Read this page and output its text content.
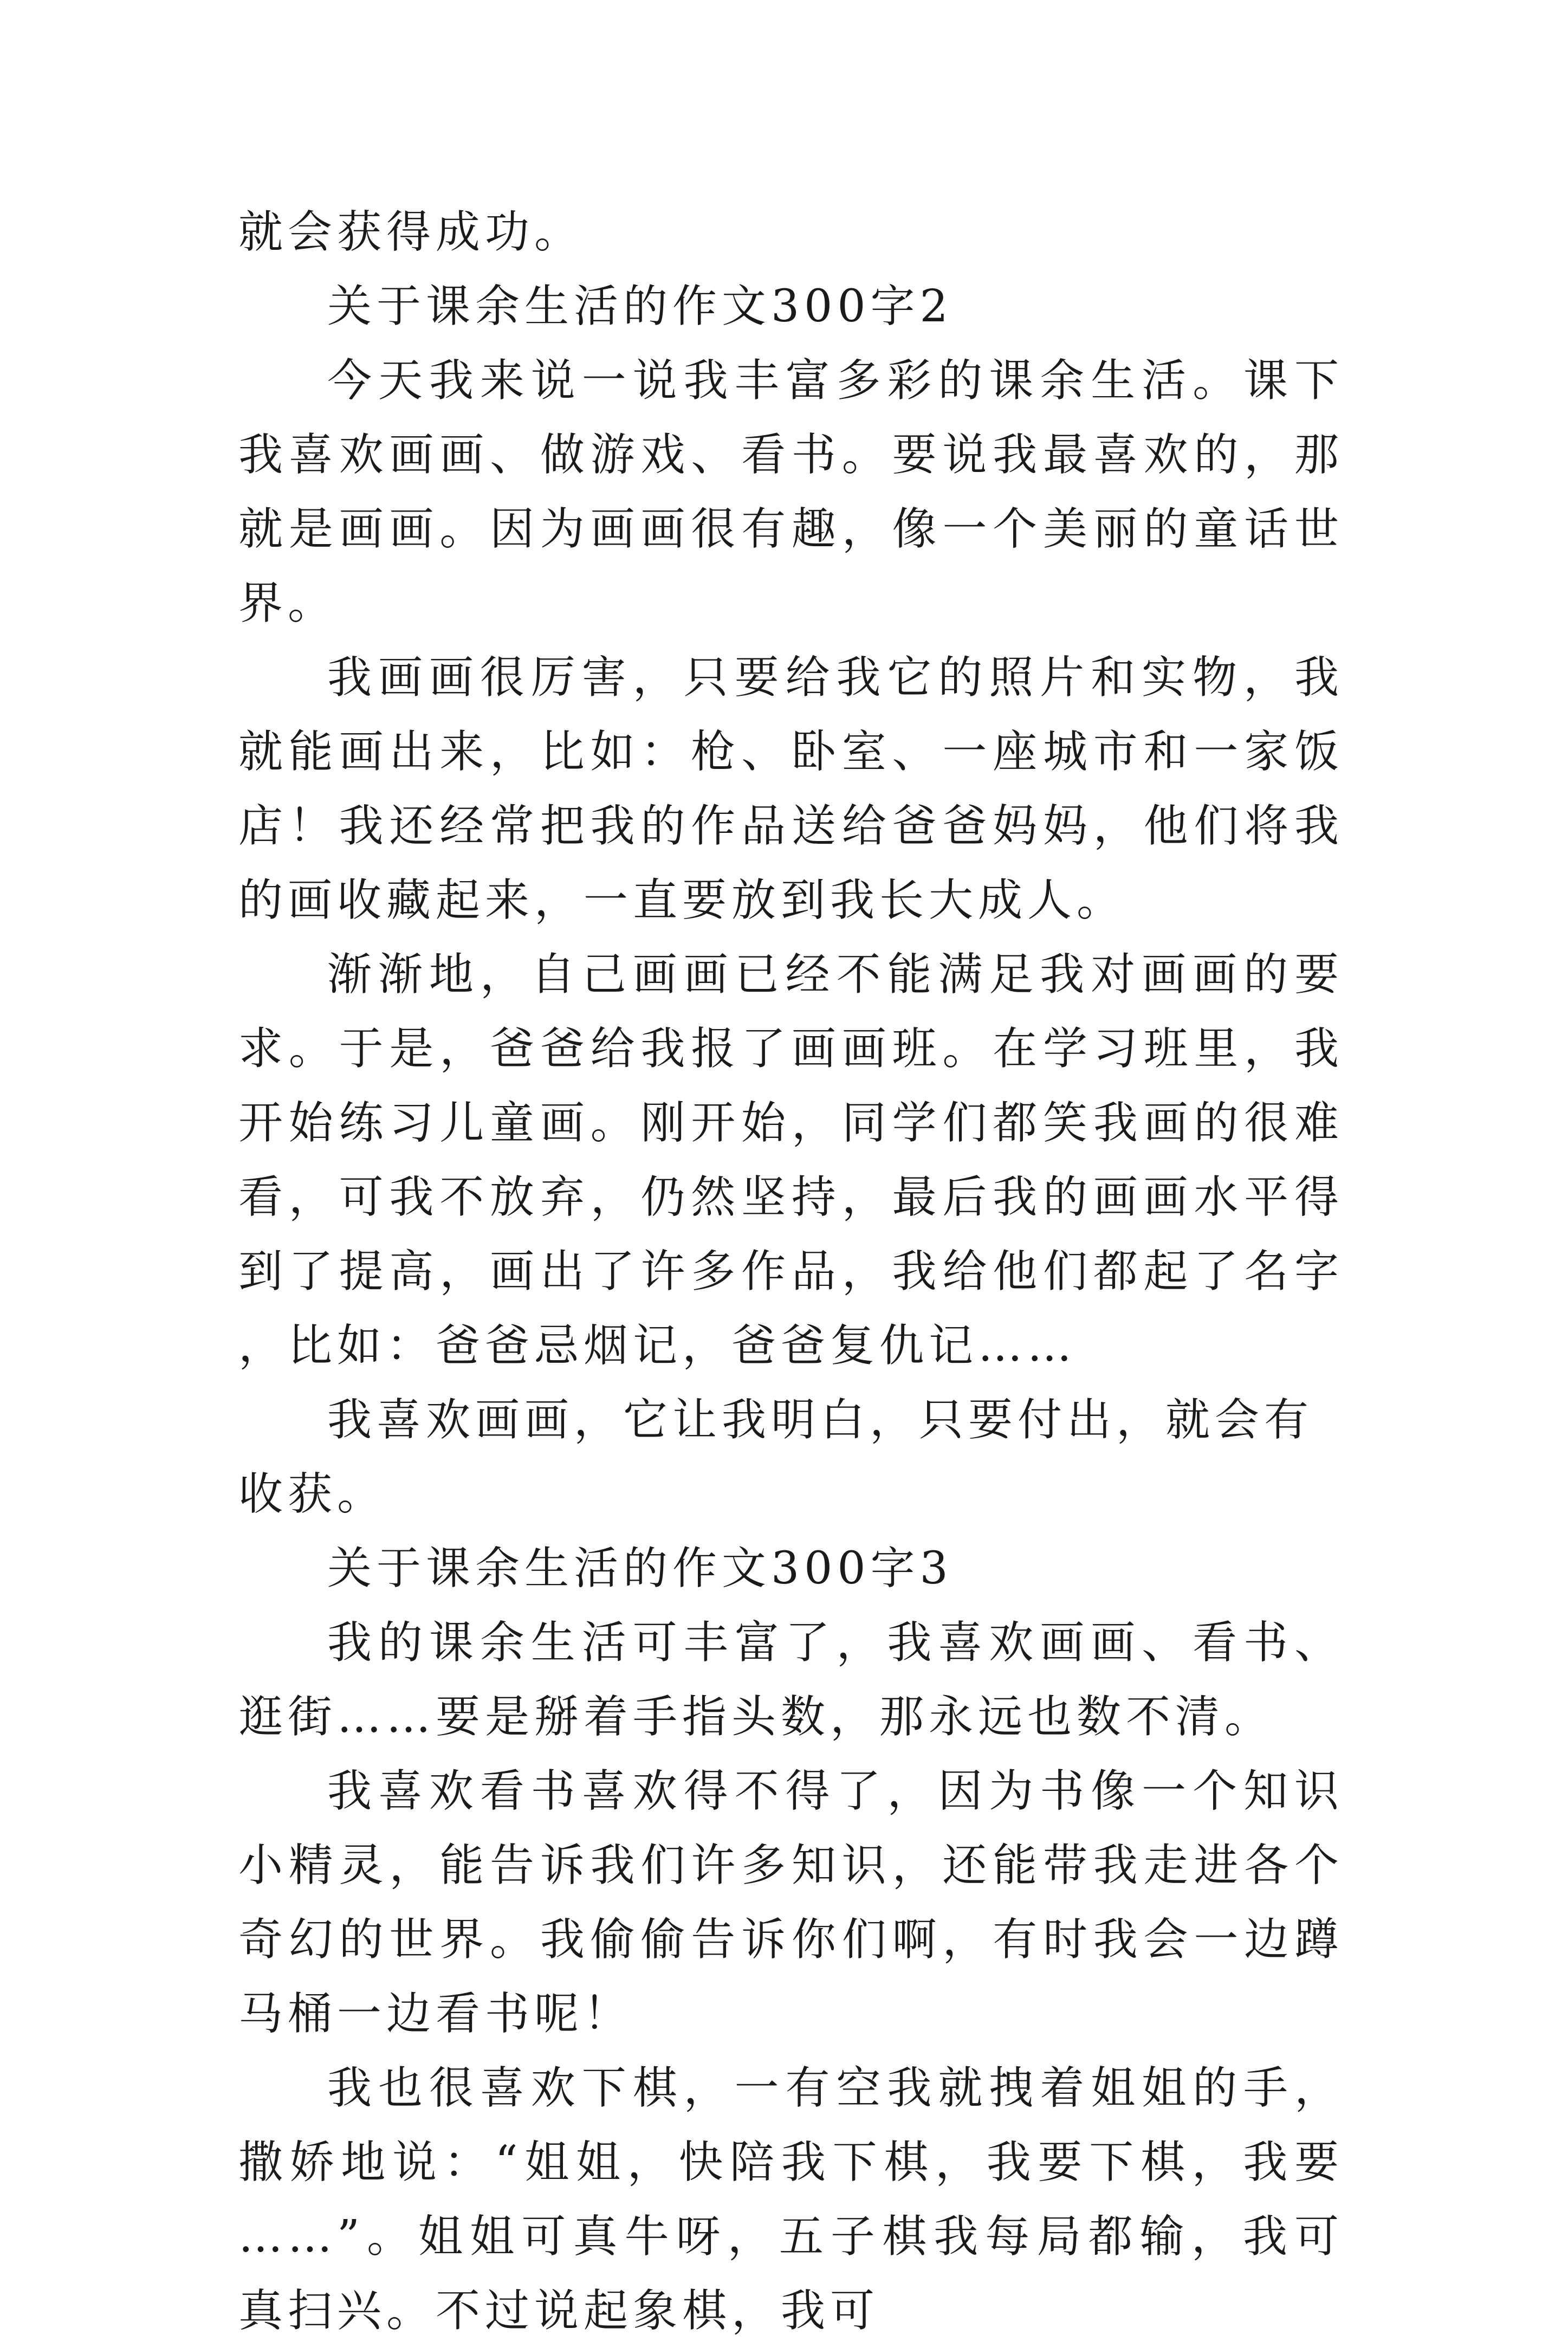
就会获得成功。

关于课余生活的作文300字2

今天我来说一说我丰富多彩的课余生活。课下我喜欢画画、做游戏、看书。要说我最喜欢的，那就是画画。因为画画很有趣，像一个美丽的童话世界。

我画画很厉害，只要给我它的照片和实物，我就能画出来，比如：枪、卧室、一座城市和一家饭店！我还经常把我的作品送给爸爸妈妈，他们将我的画收藏起来，一直要放到我长大成人。

渐渐地，自己画画已经不能满足我对画画的要求。于是，爸爸给我报了画画班。在学习班里，我开始练习儿童画。刚开始，同学们都笑我画的很难看，可我不放弃，仍然坚持，最后我的画画水平得到了提高，画出了许多作品，我给他们都起了名字，比如：爸爸忌烟记，爸爸复仇记……

我喜欢画画，它让我明白，只要付出，就会有收获。

关于课余生活的作文300字3

我的课余生活可丰富了，我喜欢画画、看书、逛街……要是掰着手指头数，那永远也数不清。

我喜欢看书喜欢得不得了，因为书像一个知识小精灵，能告诉我们许多知识，还能带我走进各个奇幻的世界。我偷偷告诉你们啊，有时我会一边蹲马桶一边看书呢！

我也很喜欢下棋，一有空我就拽着姐姐的手，撒娇地说：“姐姐，快陪我下棋，我要下棋，我要……”。姐姐可真牛呀，五子棋我每局都输，我可真扫兴。不过说起象棋，我可
